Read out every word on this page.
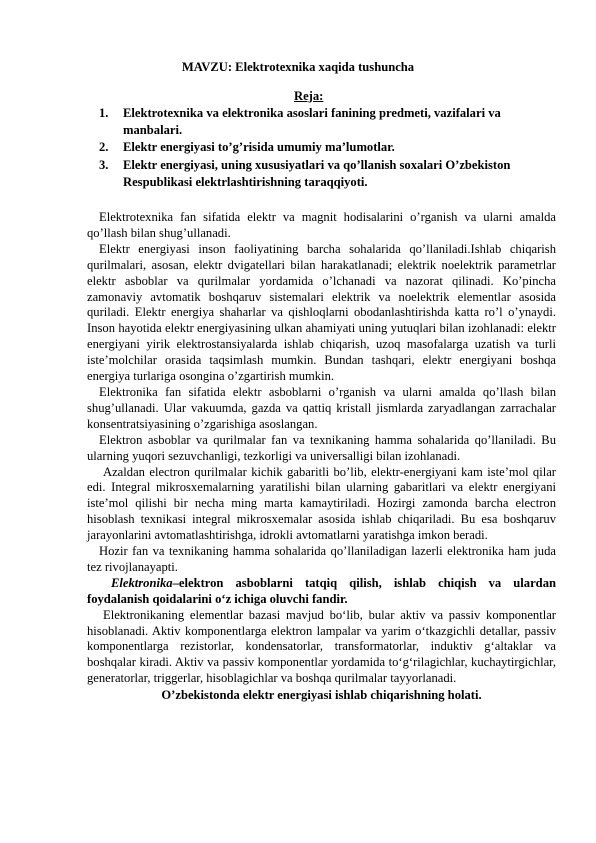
MAVZU: Elektrotexnika xaqida tushuncha
Reja:
1. Elektrotexnika va elektronika asoslari fanining predmeti, vazifalari va manbalari.
2. Elektr energiyasi to’g’risida umumiy ma’lumotlar.
3. Elektr energiyasi, uning xususiyatlari va qo’llanish soxalari O’zbekiston Respublikasi elektrlashtirishning taraqqiyoti.

Elektrotexnika fan sifatida elektr va magnit hodisalarini o’rganish va ularni amalda qo’llash bilan shug’ullanadi.

Elektr energiyasi inson faoliyatining barcha sohalarida qo’llaniladi.Ishlab chiqarish qurilmalari, asosan, elektr dvigatellari bilan harakatlanadi; elektrik noelektrik parametrlar elektr asboblar va qurilmalar yordamida o’lchanadi va nazorat qilinadi. Ko’pincha zamonaviy avtomatik boshqaruv sistemalari elektrik va noelektrik elementlar asosida quriladi. Elektr energiya shaharlar va qishloqlarni obodanlashtirishda katta ro’l o’ynaydi. Inson hayotida elektr energiyasining ulkan ahamiyati uning yutuqlari bilan izohlanadi: elektr energiyani yirik elektrostansiyalarda ishlab chiqarish, uzoq masofalarga uzatish va turli iste’molchilar orasida taqsimlash mumkin. Bundan tashqari, elektr energiyani boshqa energiya turlariga osongina o’zgartirish mumkin.

Elektronika fan sifatida elektr asboblarni o’rganish va ularni amalda qo’llash bilan shug’ullanadi. Ular vakuumda, gazda va qattiq kristall jismlarda zaryadlangan zarrachalar konsentratsiyasining o’zgarishiga asoslangan.

Elektron asboblar va qurilmalar fan va texnikaning hamma sohalarida qo’llaniladi. Bu ularning yuqori sezuvchanligi, tezkorligi va universalligi bilan izohlanadi.

Azaldan electron qurilmalar kichik gabaritli bo’lib, elektr-energiyani kam iste’mol qilar edi. Integral mikrosxemalarning yaratilishi bilan ularning gabaritlari va elektr energiyani iste’mol qilishi bir necha ming marta kamaytiriladi. Hozirgi zamonda barcha electron hisoblash texnikasi integral mikrosxemalar asosida ishlab chiqariladi. Bu esa boshqaruv jarayonlarini avtomatlashtirishga, idrokli avtomatlarni yaratishga imkon beradi.

Hozir fan va texnikaning hamma sohalarida qo’llaniladigan lazerli elektronika ham juda tez rivojlanayapti.

Elektronika–elektron asboblarni tatqiq qilish, ishlab chiqish va ulardan foydalanish qoidalarini o‘z ichiga oluvchi fandir.

Elektronikaning elementlar bazasi mavjud bo‘lib, bular aktiv va passiv komponentlar hisoblanadi. Aktiv komponentlarga elektron lampalar va yarim o‘tkazgichli detallar, passiv komponentlarga rezistorlar, kondensatorlar, transformatorlar, induktiv g‘altaklar va boshqalar kiradi. Aktiv va passiv komponentlar yordamida to‘g‘rilagichlar, kuchaytirgichlar, generatorlar, triggerlar, hisoblagichlar va boshqa qurilmalar tayyorlanadi.

O’zbekistonda elektr energiyasi ishlab chiqarishning holati.
